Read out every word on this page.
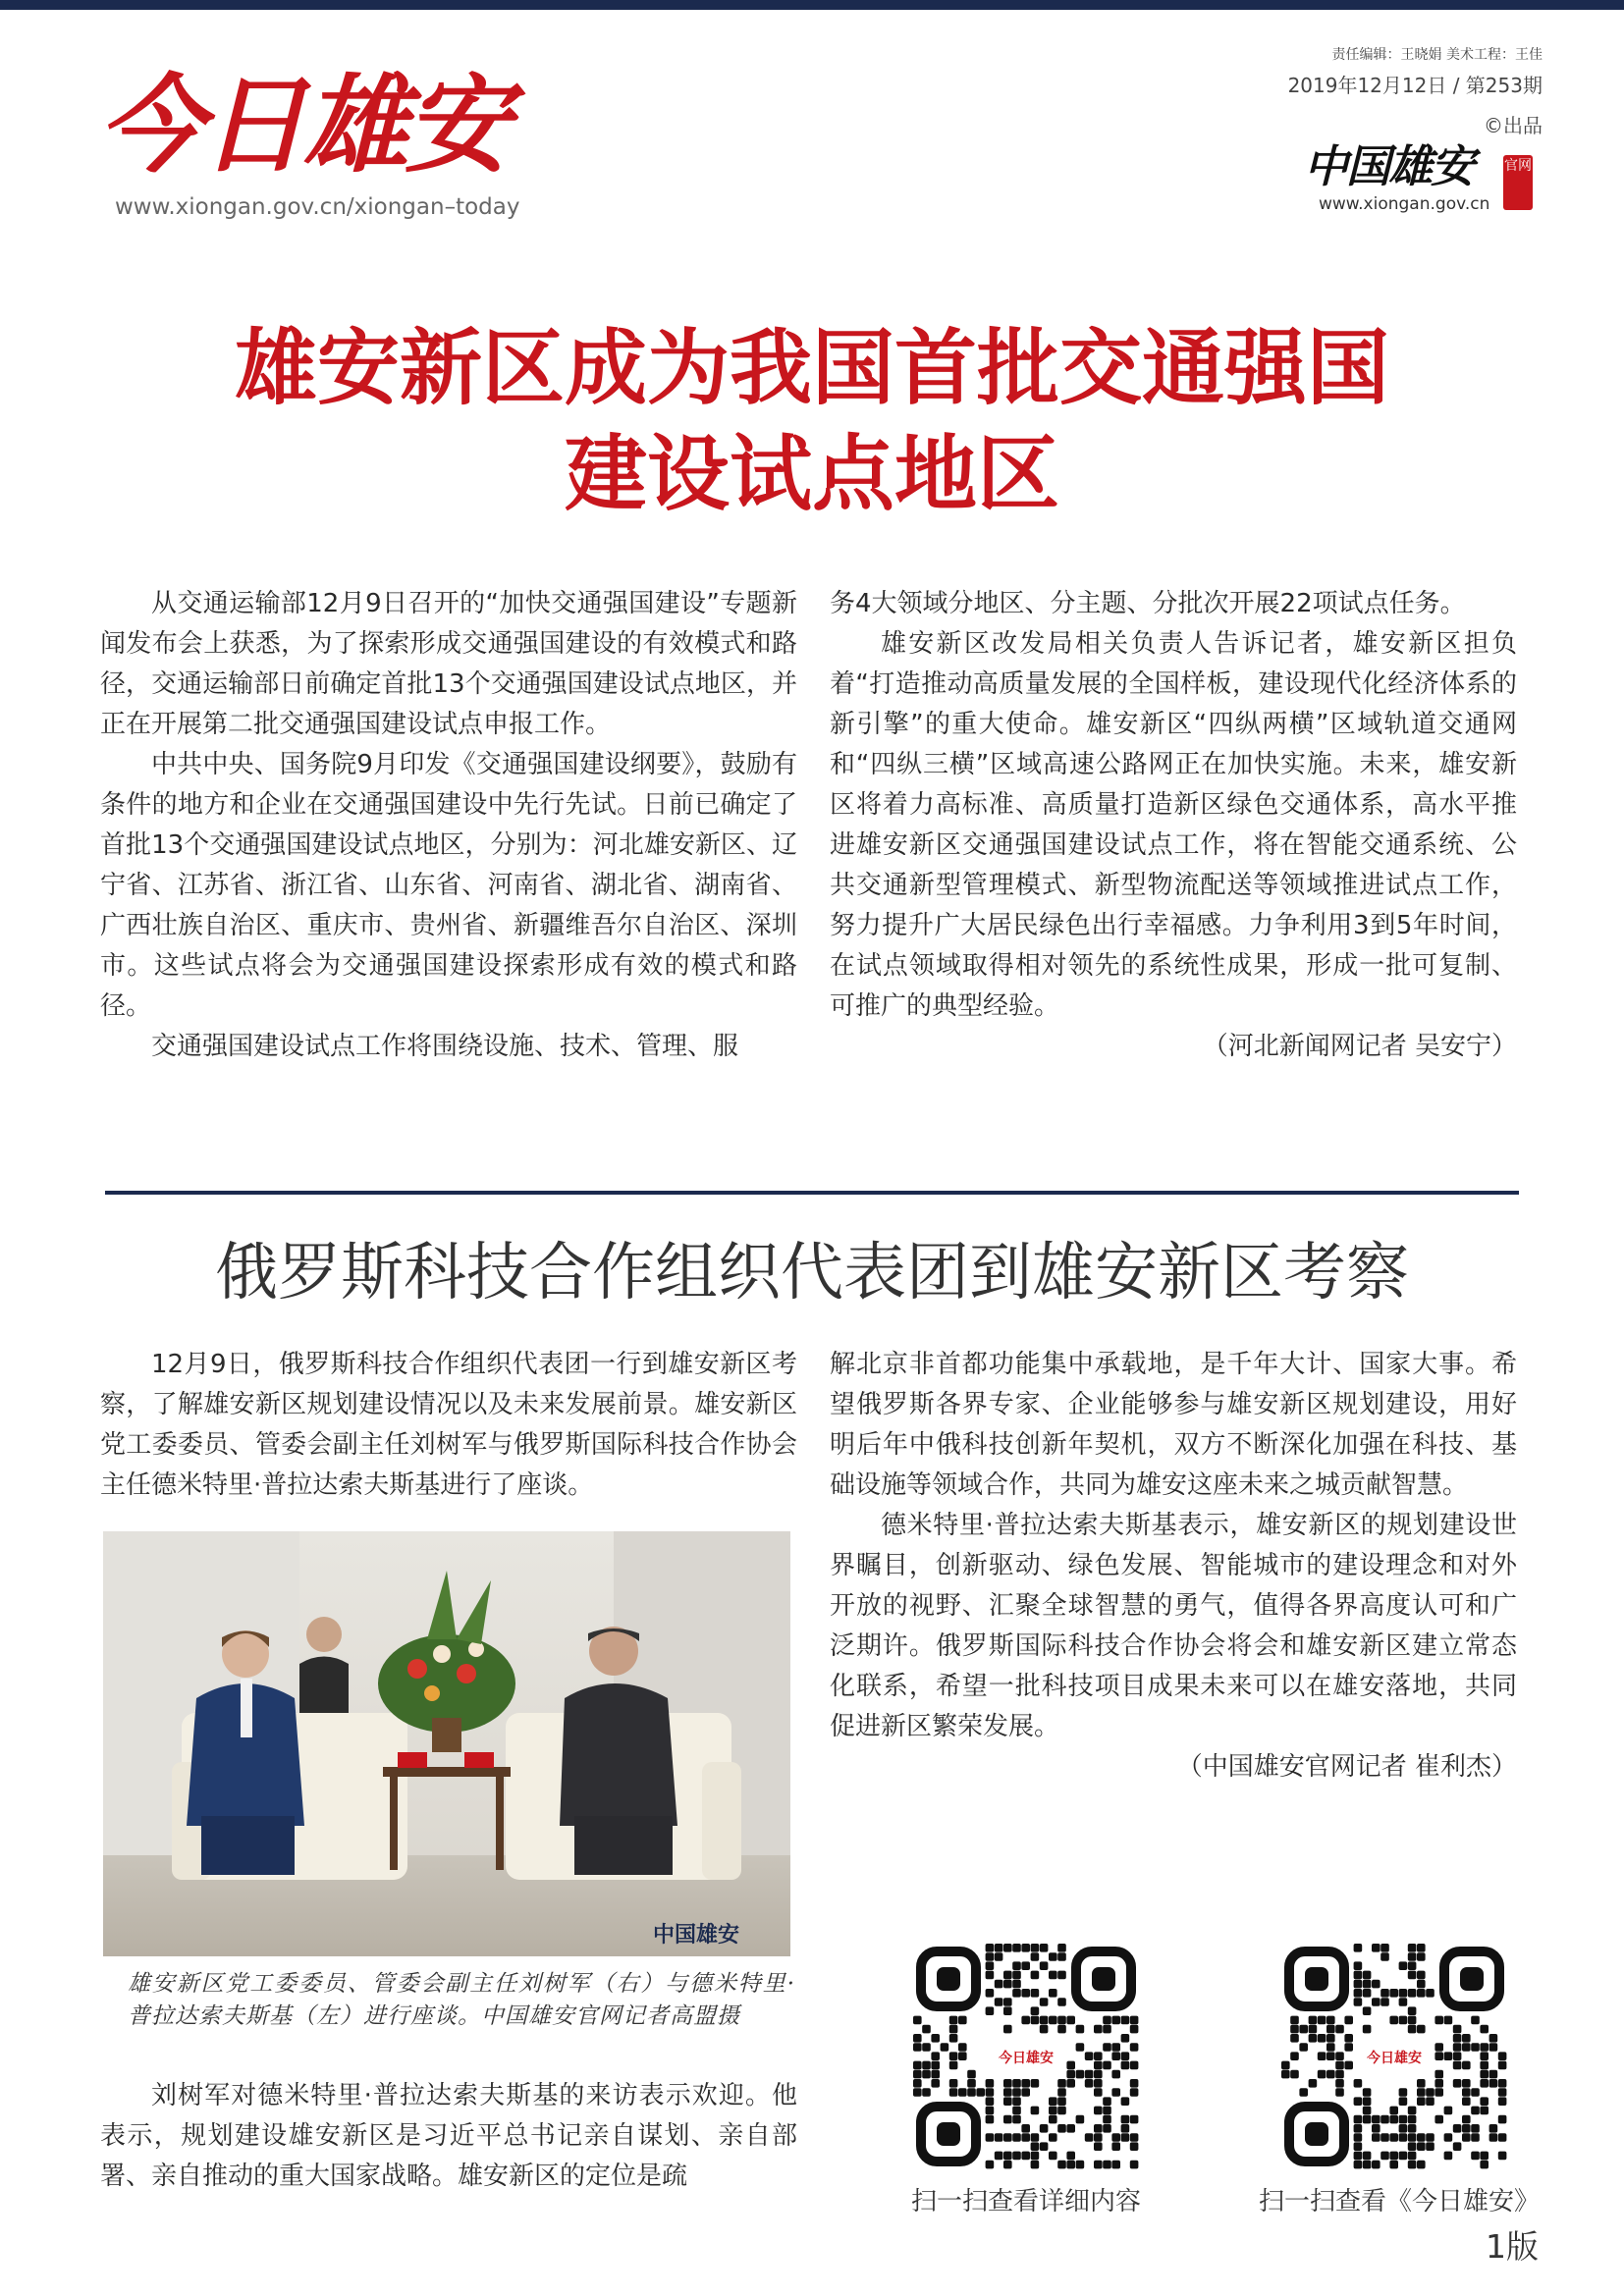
今日雄安
www.xiongan.gov.cn/xiongan–today
责任编辑：王晓娟 美术工程：王佳
2019年12月12日 / 第253期
©出品
中国雄安 官网
www.xiongan.gov.cn
雄安新区成为我国首批交通强国
建设试点地区

从交通运输部12月9日召开的“加快交通强国建设”专题新闻发布会上获悉，为了探索形成交通强国建设的有效模式和路径，交通运输部日前确定首批13个交通强国建设试点地区，并正在开展第二批交通强国建设试点申报工作。

中共中央、国务院9月印发《交通强国建设纲要》，鼓励有条件的地方和企业在交通强国建设中先行先试。日前已确定了首批13个交通强国建设试点地区，分别为：河北雄安新区、辽宁省、江苏省、浙江省、山东省、河南省、湖北省、湖南省、广西壮族自治区、重庆市、贵州省、新疆维吾尔自治区、深圳市。这些试点将会为交通强国建设探索形成有效的模式和路径。

交通强国建设试点工作将围绕设施、技术、管理、服

务4大领域分地区、分主题、分批次开展22项试点任务。

雄安新区改发局相关负责人告诉记者，雄安新区担负着“打造推动高质量发展的全国样板，建设现代化经济体系的新引擎”的重大使命。雄安新区“四纵两横”区域轨道交通网和“四纵三横”区域高速公路网正在加快实施。未来，雄安新区将着力高标准、高质量打造新区绿色交通体系，高水平推进雄安新区交通强国建设试点工作，将在智能交通系统、公共交通新型管理模式、新型物流配送等领域推进试点工作，努力提升广大居民绿色出行幸福感。力争利用3到5年时间，在试点领域取得相对领先的系统性成果，形成一批可复制、可推广的典型经验。

（河北新闻网记者 吴安宁）

俄罗斯科技合作组织代表团到雄安新区考察

12月9日，俄罗斯科技合作组织代表团一行到雄安新区考察，了解雄安新区规划建设情况以及未来发展前景。雄安新区党工委委员、管委会副主任刘树军与俄罗斯国际科技合作协会主任德米特里·普拉达索夫斯基进行了座谈。

中国雄安

雄安新区党工委委员、管委会副主任刘树军（右）与德米特里·普拉达索夫斯基（左）进行座谈。中国雄安官网记者高盟摄

刘树军对德米特里·普拉达索夫斯基的来访表示欢迎。他表示，规划建设雄安新区是习近平总书记亲自谋划、亲自部署、亲自推动的重大国家战略。雄安新区的定位是疏

解北京非首都功能集中承载地，是千年大计、国家大事。希望俄罗斯各界专家、企业能够参与雄安新区规划建设，用好明后年中俄科技创新年契机，双方不断深化加强在科技、基础设施等领域合作，共同为雄安这座未来之城贡献智慧。

德米特里·普拉达索夫斯基表示，雄安新区的规划建设世界瞩目，创新驱动、绿色发展、智能城市的建设理念和对外开放的视野、汇聚全球智慧的勇气，值得各界高度认可和广泛期许。俄罗斯国际科技合作协会将会和雄安新区建立常态化联系，希望一批科技项目成果未来可以在雄安落地，共同促进新区繁荣发展。

（中国雄安官网记者 崔利杰）

今日雄安	今日雄安
扫一扫查看详细内容	扫一扫查看《今日雄安》
1版
